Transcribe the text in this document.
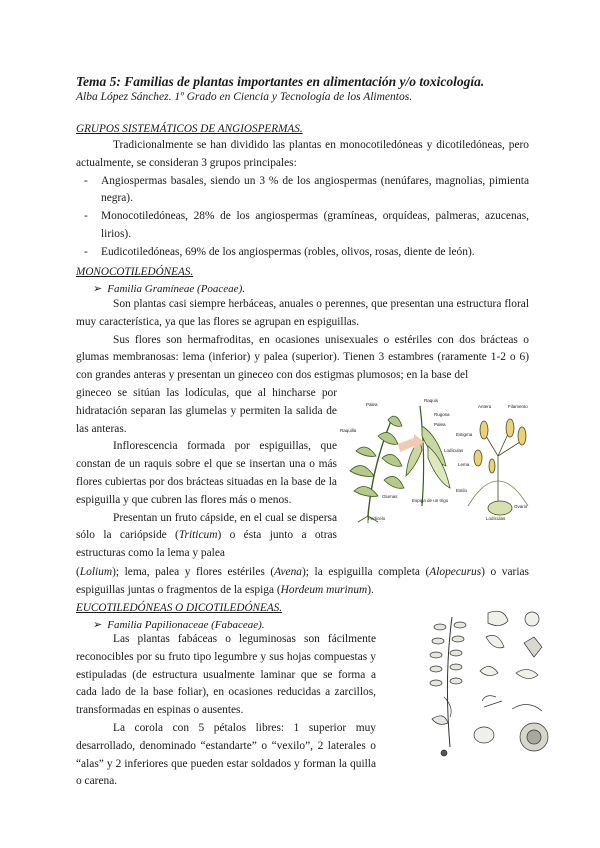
Tema 5: Familias de plantas importantes en alimentación y/o toxicología.
Alba López Sánchez. 1º Grado en Ciencia y Tecnología de los Alimentos.
GRUPOS SISTEMÁTICOS DE ANGIOSPERMAS.

Tradicionalmente se han dividido las plantas en monocotiledóneas y dicotiledóneas, pero actualmente, se consideran 3 grupos principales:

- Angiospermas basales, siendo un 3 % de los angiospermas (nenúfares, magnolias, pimienta negra).
- Monocotiledóneas, 28% de los angiospermas (gramíneas, orquídeas, palmeras, azucenas, lirios).
- Eudicotiledóneas, 69% de los angiospermas (robles, olivos, rosas, diente de león).
MONOCOTILEDÓNEAS.
➢ Familia Gramíneae (Poaceae).

Son plantas casi siempre herbáceas, anuales o perennes, que presentan una estructura floral muy característica, ya que las flores se agrupan en espiguillas.

Sus flores son hermafroditas, en ocasiones unisexuales o estériles con dos brácteas o glumas membranosas: lema (inferior) y palea (superior). Tienen 3 estambres (raramente 1-2 o 6) con grandes anteras y presentan un gineceo con dos estigmas plumosos; en la base del

gineceo se sitúan las lodículas, que al hincharse por hidratación separan las glumelas y permiten la salida de las anteras.

Inflorescencia formada por espiguillas, que constan de un raquis sobre el que se insertan una o más flores cubiertas por dos brácteas situadas en la base de la espiguilla y que cubren las flores más o menos.

Presentan un fruto cápside, en el cual se dispersa sólo la cariópside (Triticum) o ésta junto a otras estructuras como la lema y palea

(Lolium); lema, palea y flores estériles (Avena); la espiguilla completa (Alopecurus) o varias espiguillas juntas o fragmentos de la espiga (Hordeum murinum).

Palea
Raquis
Raquilla
Lodículas
Glumas
Espiga de un trigo
Pedicelo
Rugosa
Palea
Antera	Filamento
Estigma
Estilo
Lodículas
Ovario
Lema
EUCOTILEDÓNEAS O DICOTILEDÓNEAS.
➢ Familia Papilionaceae (Fabaceae).

Las plantas fabáceas o leguminosas son fácilmente reconocibles por su fruto tipo legumbre y sus hojas compuestas y estipuladas (de estructura usualmente laminar que se forma a cada lado de la base foliar), en ocasiones reducidas a zarcillos, transformadas en espinas o ausentes.

La corola con 5 pétalos libres: 1 superior muy desarrollado, denominado “estandarte” o “vexilo”, 2 laterales o “alas” y 2 inferiores que pueden estar soldados y forman la quilla o carena.
